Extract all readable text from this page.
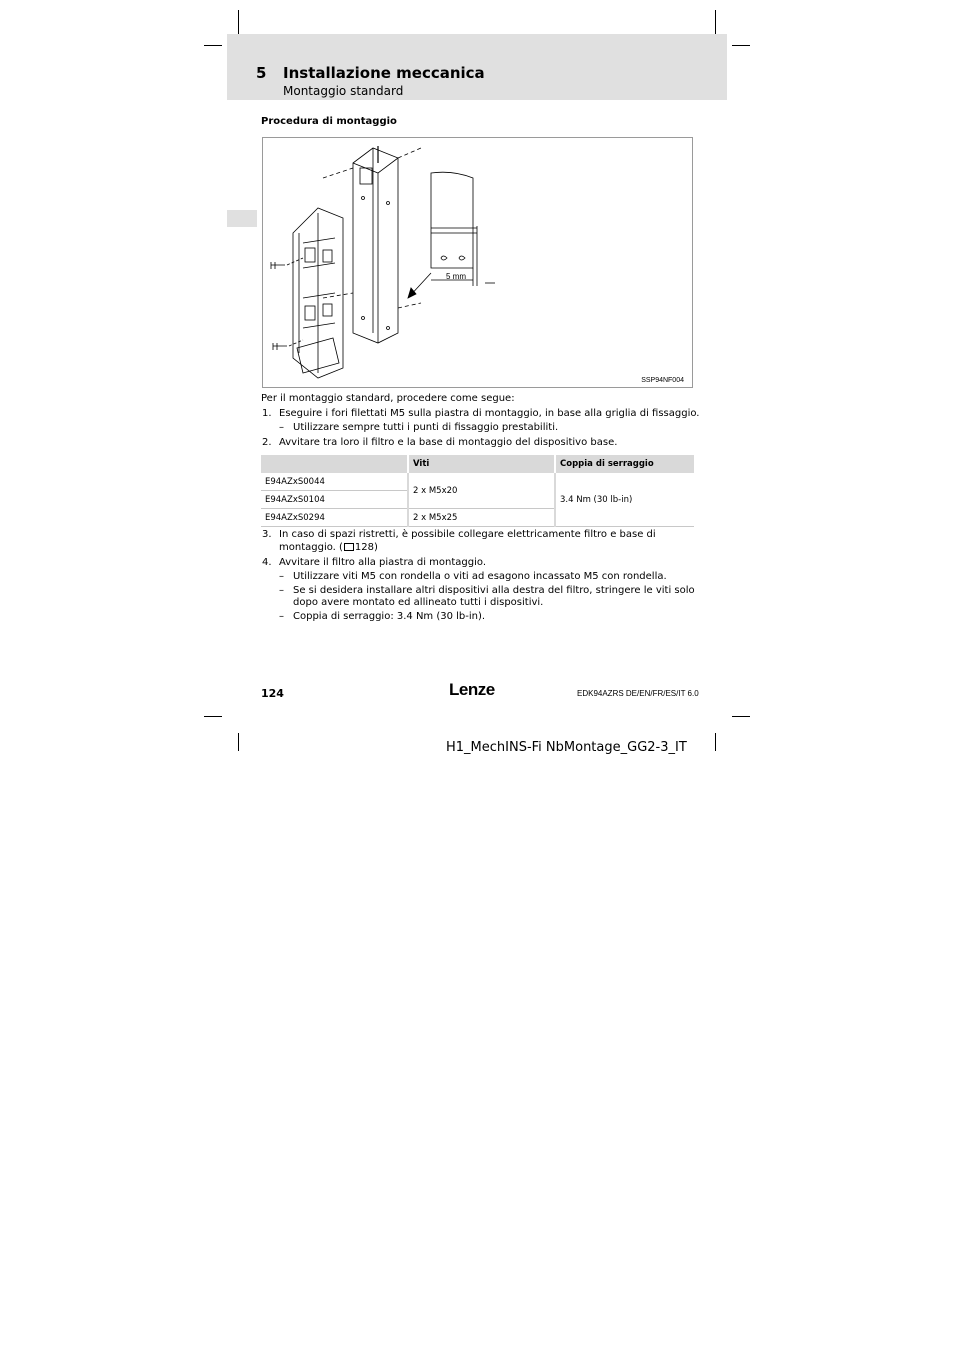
5 Installazione meccanica
Montaggio standard
Procedura di montaggio
5 mm
SSP94NF004
Per il montaggio standard, procedere come segue:
1. Eseguire i fori filettati M5 sulla piastra di montaggio, in base alla griglia di fissaggio.
– Utilizzare sempre tutti i punti di fissaggio prestabiliti.
2. Avvitare tra loro il filtro e la base di montaggio del dispositivo base.
	Viti	Coppia di serraggio
E94AZxS0044	2 x M5x20	3.4 Nm (30 lb-in)
E94AZxS0104		
E94AZxS0294	2 x M5x25	
3. In caso di spazi ristretti, è possibile collegare elettricamente filtro e base di
montaggio. ( 128)
4. Avvitare il filtro alla piastra di montaggio.
– Utilizzare viti M5 con rondella o viti ad esagono incassato M5 con rondella.
– Se si desidera installare altri dispositivi alla destra del filtro, stringere le viti solo
dopo avere montato ed allineato tutti i dispositivi.
– Coppia di serraggio: 3.4 Nm (30 lb-in).
124	Lenze	EDK94AZRS DE/EN/FR/ES/IT 6.0
H1_MechINS-Fi NbMontage_GG2-3_IT
